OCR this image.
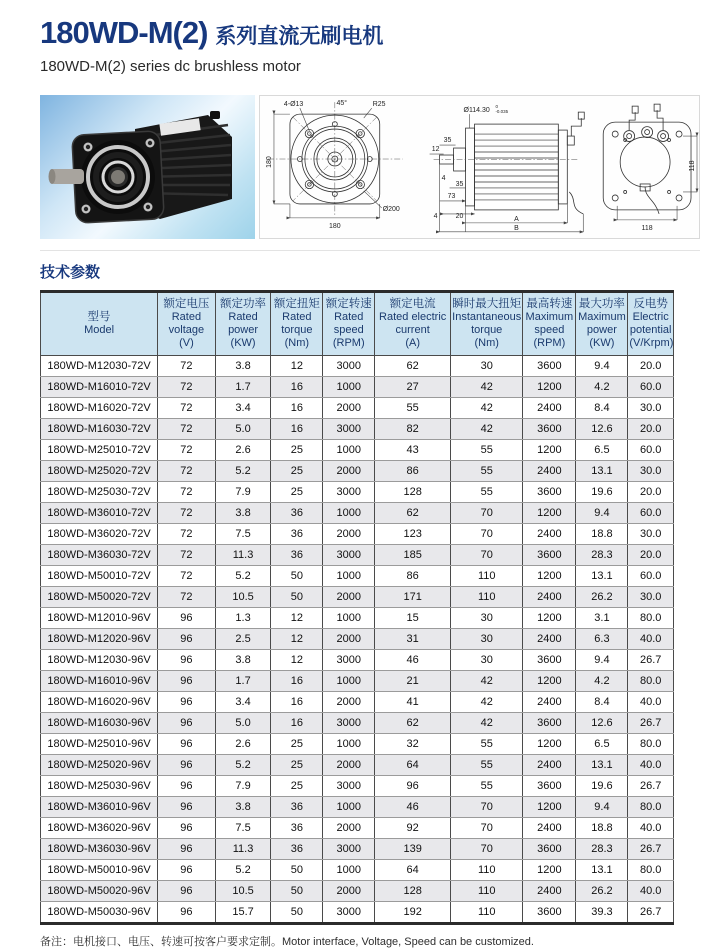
180WD-M(2) 系列直流无刷电机
180WD-M(2) series dc brushless motor
180
180
4-Ø13	45°	R25
Ø200
Ø114.30
0
-0.035
35
12
4
35
73
4	20	A
B
118
118
技术参数
型号
Model

额定电压
Rated
voltage
(V)

额定功率
Rated
power
(KW)

额定扭矩
Rated
torque
(Nm)

额定转速
Rated
speed
(RPM)

额定电流
Rated electric
current
(A)

瞬时最大扭矩
Instantaneous
torque
(Nm)

最高转速
Maximum
speed
(RPM)

最大功率
Maximum
power
(KW)

反电势
Electric
potential
(V/Krpm)

180WD-M12030-72V	72	3.8	12	3000	62	30	3600	9.4	20.0
180WD-M16010-72V	72	1.7	16	1000	27	42	1200	4.2	60.0
180WD-M16020-72V	72	3.4	16	2000	55	42	2400	8.4	30.0
180WD-M16030-72V	72	5.0	16	3000	82	42	3600	12.6	20.0
180WD-M25010-72V	72	2.6	25	1000	43	55	1200	6.5	60.0
180WD-M25020-72V	72	5.2	25	2000	86	55	2400	13.1	30.0
180WD-M25030-72V	72	7.9	25	3000	128	55	3600	19.6	20.0
180WD-M36010-72V	72	3.8	36	1000	62	70	1200	9.4	60.0
180WD-M36020-72V	72	7.5	36	2000	123	70	2400	18.8	30.0
180WD-M36030-72V	72	11.3	36	3000	185	70	3600	28.3	20.0
180WD-M50010-72V	72	5.2	50	1000	86	110	1200	13.1	60.0
180WD-M50020-72V	72	10.5	50	2000	171	110	2400	26.2	30.0
180WD-M12010-96V	96	1.3	12	1000	15	30	1200	3.1	80.0
180WD-M12020-96V	96	2.5	12	2000	31	30	2400	6.3	40.0
180WD-M12030-96V	96	3.8	12	3000	46	30	3600	9.4	26.7
180WD-M16010-96V	96	1.7	16	1000	21	42	1200	4.2	80.0
180WD-M16020-96V	96	3.4	16	2000	41	42	2400	8.4	40.0
180WD-M16030-96V	96	5.0	16	3000	62	42	3600	12.6	26.7
180WD-M25010-96V	96	2.6	25	1000	32	55	1200	6.5	80.0
180WD-M25020-96V	96	5.2	25	2000	64	55	2400	13.1	40.0
180WD-M25030-96V	96	7.9	25	3000	96	55	3600	19.6	26.7
180WD-M36010-96V	96	3.8	36	1000	46	70	1200	9.4	80.0
180WD-M36020-96V	96	7.5	36	2000	92	70	2400	18.8	40.0
180WD-M36030-96V	96	11.3	36	3000	139	70	3600	28.3	26.7
180WD-M50010-96V	96	5.2	50	1000	64	110	1200	13.1	80.0
180WD-M50020-96V	96	10.5	50	2000	128	110	2400	26.2	40.0
180WD-M50030-96V	96	15.7	50	3000	192	110	3600	39.3	26.7
备注：电机接口、电压、转速可按客户要求定制。Motor interface, Voltage, Speed can be customized.
